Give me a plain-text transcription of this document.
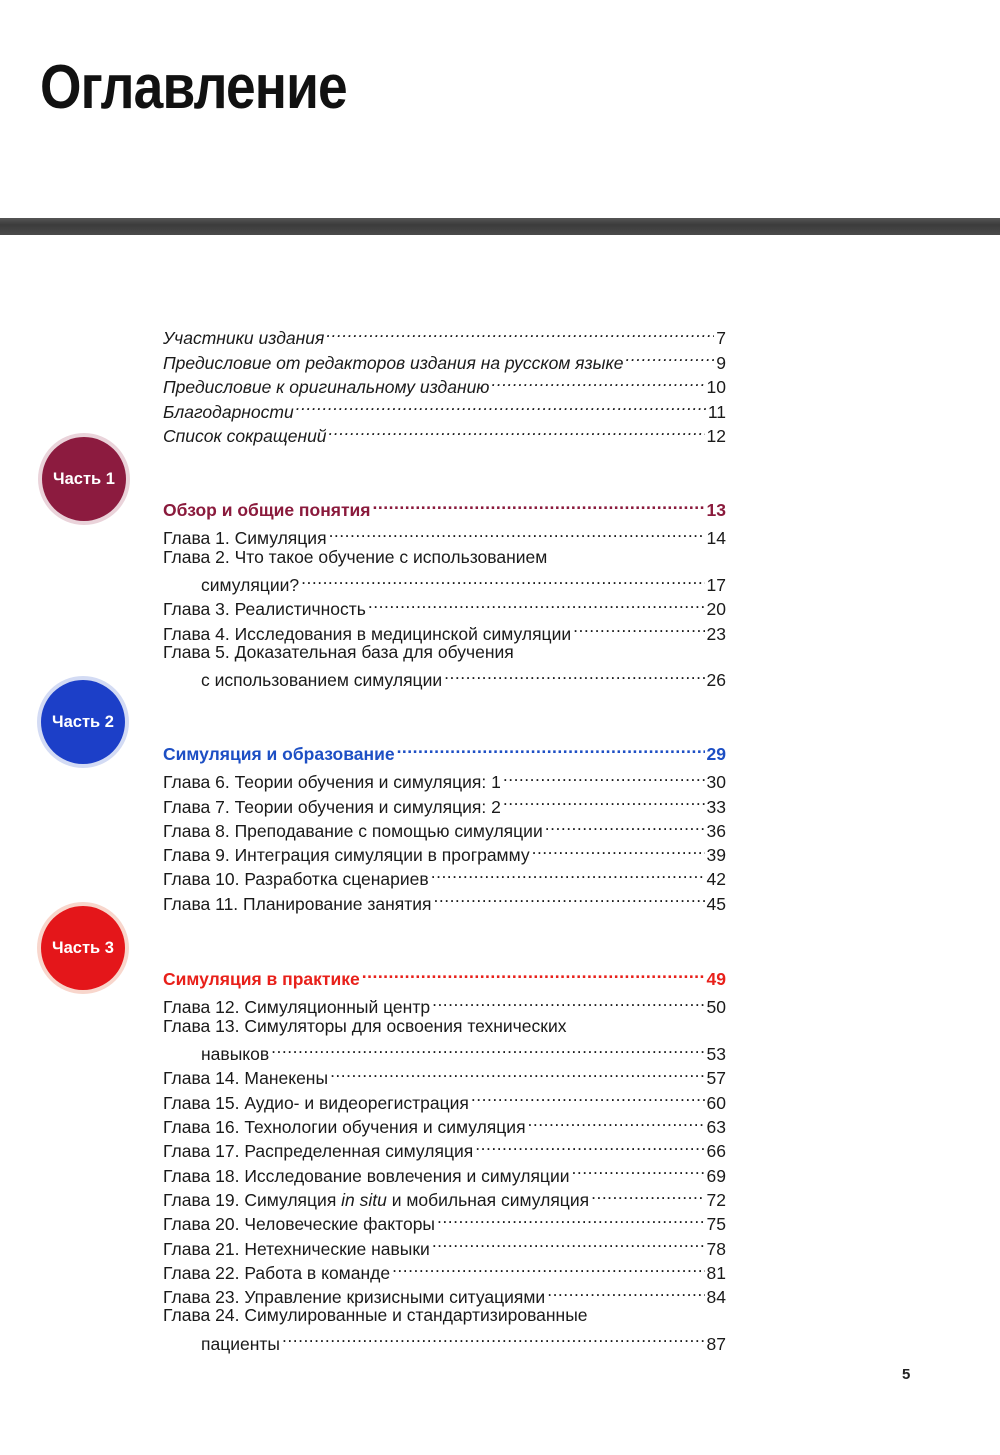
Оглавление
Участники издания .....	7
Предисловие от редакторов издания на русском языке .....	9
Предисловие к оригинальному изданию .....	10
Благодарности .....	11
Список сокращений .....	12
Часть 1
Часть 2
Часть 3
Обзор и общие понятия .....	13
Глава 1. Симуляция .....	14
Глава 2. Что такое обучение с использованием
симуляции? .....	17
Глава 3. Реалистичность .....	20
Глава 4. Исследования в медицинской симуляции .....	23
Глава 5. Доказательная база для обучения
с использованием симуляции .....	26
Симуляция и образование .....	29
Глава 6. Теории обучения и симуляция: 1 .....	30
Глава 7. Теории обучения и симуляция: 2 .....	33
Глава 8. Преподавание с помощью симуляции .....	36
Глава 9. Интеграция симуляции в программу .....	39
Глава 10. Разработка сценариев .....	42
Глава 11. Планирование занятия .....	45
Симуляция в практике .....	49
Глава 12. Симуляционный центр .....	50
Глава 13. Симуляторы для освоения технических
навыков .....	53
Глава 14. Манекены .....	57
Глава 15. Аудио- и видеорегистрация .....	60
Глава 16. Технологии обучения и симуляция .....	63
Глава 17. Распределенная симуляция .....	66
Глава 18. Исследование вовлечения и симуляции .....	69
Глава 19. Симуляция in situ и мобильная симуляция .....	72
Глава 20. Человеческие факторы .....	75
Глава 21. Нетехнические навыки .....	78
Глава 22. Работа в команде .....	81
Глава 23. Управление кризисными ситуациями .....	84
Глава 24. Симулированные и стандартизированные
пациенты .....	87
5
